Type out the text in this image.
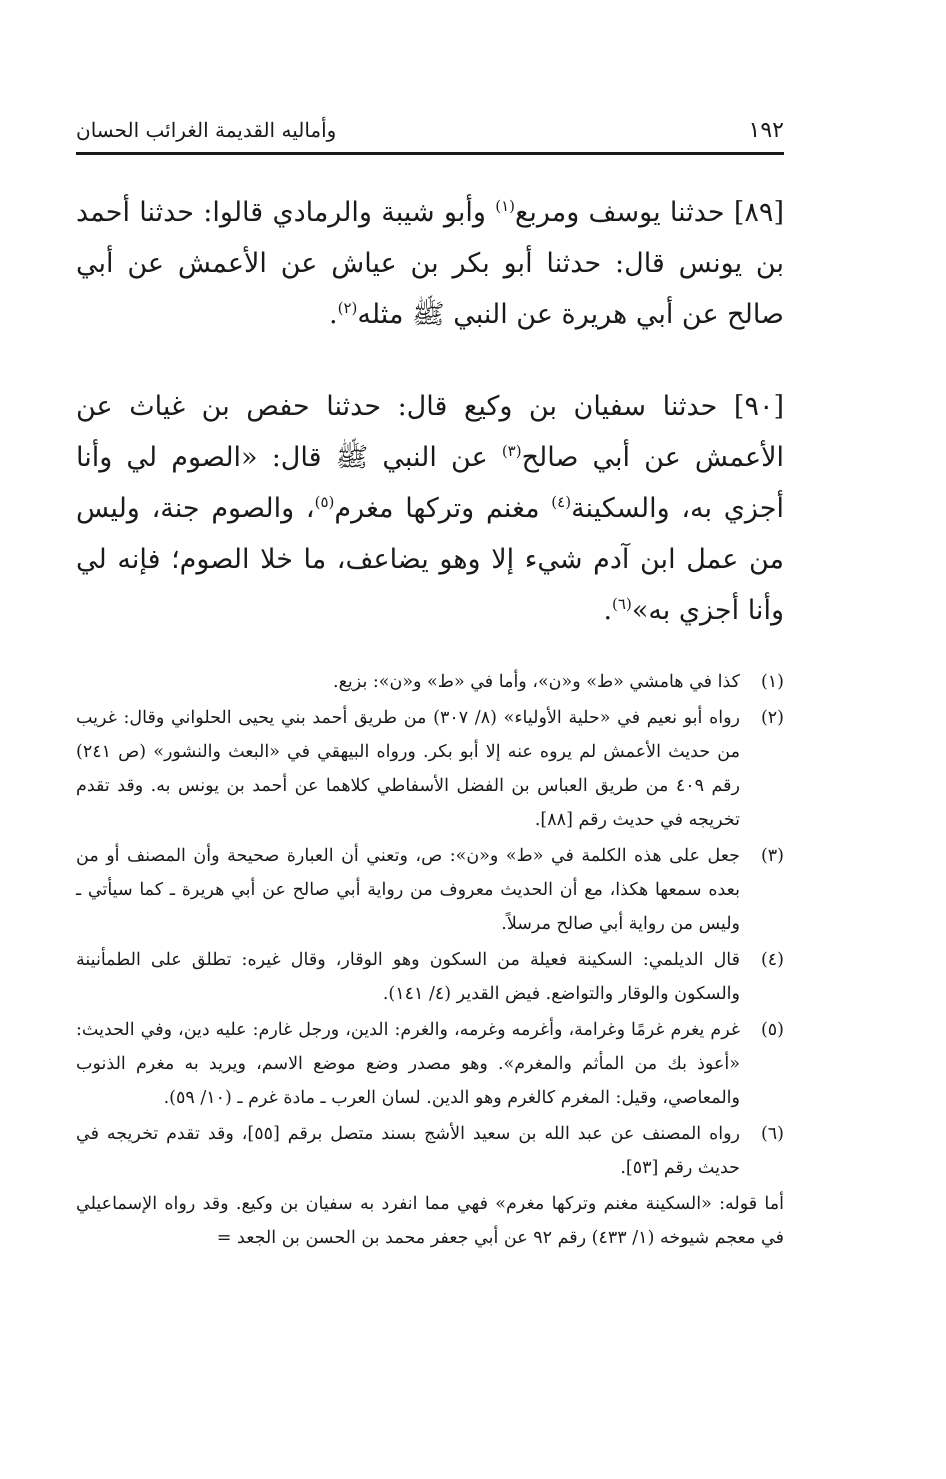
١٩٢
وأماليه القديمة الغرائب الحسان

[٨٩] حدثنا يوسف ومربع$^{(١)}$ وأبو شيبة والرمادي قالوا: حدثنا أحمد بن يونس قال: حدثنا أبو بكر بن عياش عن الأعمش عن أبي صالح عن أبي هريرة عن النبي ﷺ مثله$^{(٢)}$.

[٩٠] حدثنا سفيان بن وكيع قال: حدثنا حفص بن غياث عن الأعمش عن أبي صالح$^{(٣)}$ عن النبي ﷺ قال: «الصوم لي وأنا أجزي به، والسكينة$^{(٤)}$ مغنم وتركها مغرم$^{(٥)}$، والصوم جنة، وليس من عمل ابن آدم شيء إلا وهو يضاعف، ما خلا الصوم؛ فإنه لي وأنا أجزي به»$^{(٦)}$.

(١)
كذا في هامشي «ط» و«ن»، وأما في «ط» و«ن»: بزيع.

(٢)
رواه أبو نعيم في «حلية الأولياء» (٨/ ٣٠٧) من طريق أحمد بني يحيى الحلواني وقال: غريب من حديث الأعمش لم يروه عنه إلا أبو بكر. ورواه البيهقي في «البعث والنشور» (ص ٢٤١) رقم ٤٠٩ من طريق العباس بن الفضل الأسفاطي كلاهما عن أحمد بن يونس به. وقد تقدم تخريجه في حديث رقم [٨٨].

(٣)
جعل على هذه الكلمة في «ط» و«ن»: ص، وتعني أن العبارة صحيحة وأن المصنف أو من بعده سمعها هكذا، مع أن الحديث معروف من رواية أبي صالح عن أبي هريرة ـ كما سيأتي ـ وليس من رواية أبي صالح مرسلاً.

(٤)
قال الديلمي: السكينة فعيلة من السكون وهو الوقار، وقال غيره: تطلق على الطمأنينة والسكون والوقار والتواضع. فيض القدير (٤/ ١٤١).

(٥)
غرم يغرم غرمًا وغرامة، وأغرمه وغرمه، والغرم: الدين، ورجل غارم: عليه دين، وفي الحديث: «أعوذ بك من المأثم والمغرم». وهو مصدر وضع موضع الاسم، ويريد به مغرم الذنوب والمعاصي، وقيل: المغرم كالغرم وهو الدين. لسان العرب ـ مادة غرم ـ (١٠/ ٥٩).

(٦)
رواه المصنف عن عبد الله بن سعيد الأشج بسند متصل برقم [٥٥]، وقد تقدم تخريجه في حديث رقم [٥٣].

أما قوله: «السكينة مغنم وتركها مغرم» فهي مما انفرد به سفيان بن وكيع. وقد رواه الإسماعيلي في معجم شيوخه (١/ ٤٣٣) رقم ٩٢ عن أبي جعفر محمد بن الحسن بن الجعد =
